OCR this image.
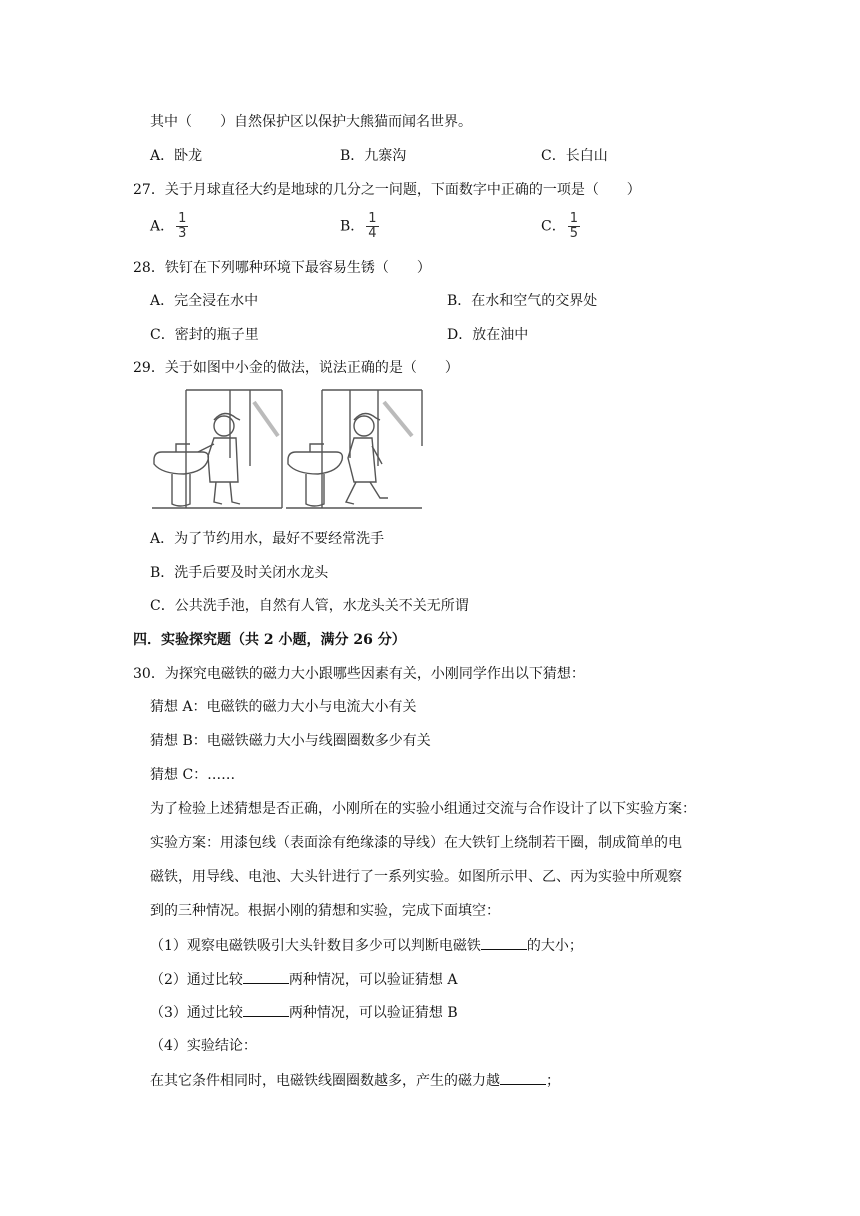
其中（　　）自然保护区以保护大熊猫而闻名世界。
A．卧龙	B．九寨沟	C．长白山
27．关于月球直径大约是地球的几分之一问题，下面数字中正确的一项是（　　）
A． $\frac{1}{3}$	B． $\frac{1}{4}$	C． $\frac{1}{5}$
28．铁钉在下列哪种环境下最容易生锈（　　）
A．完全浸在水中	B．在水和空气的交界处
C．密封的瓶子里	D．放在油中
29．关于如图中小金的做法，说法正确的是（　　）
A．为了节约用水，最好不要经常洗手
B．洗手后要及时关闭水龙头
C．公共洗手池，自然有人管，水龙头关不关无所谓
四．实验探究题（共 2 小题，满分 26 分）
30．为探究电磁铁的磁力大小跟哪些因素有关，小刚同学作出以下猜想：
猜想 A：电磁铁的磁力大小与电流大小有关
猜想 B：电磁铁磁力大小与线圈圈数多少有关
猜想 C：……
为了检验上述猜想是否正确，小刚所在的实验小组通过交流与合作设计了以下实验方案：
实验方案：用漆包线（表面涂有绝缘漆的导线）在大铁钉上绕制若干圈，制成简单的电
磁铁，用导线、电池、大头针进行了一系列实验。如图所示甲、乙、丙为实验中所观察
到的三种情况。根据小刚的猜想和实验，完成下面填空：
（1）观察电磁铁吸引大头针数目多少可以判断电磁铁	的大小；
（2）通过比较	两种情况，可以验证猜想 A
（3）通过比较	两种情况，可以验证猜想 B
（4）实验结论：
在其它条件相同时，电磁铁线圈圈数越多，产生的磁力越	；
